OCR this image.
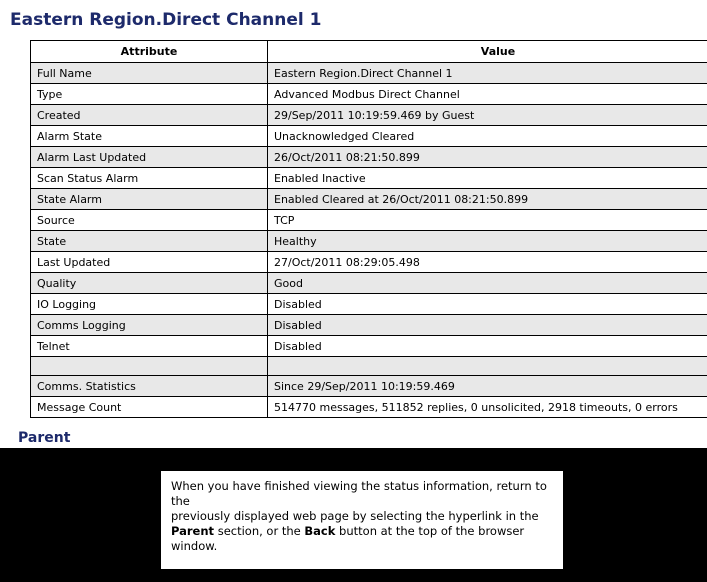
Eastern Region.Direct Channel 1
Attribute	Value
Full Name	Eastern Region.Direct Channel 1
Type	Advanced Modbus Direct Channel
Created	29/Sep/2011 10:19:59.469 by Guest
Alarm State	Unacknowledged Cleared
Alarm Last Updated	26/Oct/2011 08:21:50.899
Scan Status Alarm	Enabled Inactive
State Alarm	Enabled Cleared at 26/Oct/2011 08:21:50.899
Source	TCP
State	Healthy
Last Updated	27/Oct/2011 08:29:05.498
Quality	Good
IO Logging	Disabled
Comms Logging	Disabled
Telnet	Disabled

Comms. Statistics	Since 29/Sep/2011 10:19:59.469
Message Count	514770 messages, 511852 replies, 0 unsolicited, 2918 timeouts, 0 errors
Parent
•

When you have finished viewing the status information, return to the

previously displayed web page by selecting the hyperlink in the

Parent section, or the Back button at the top of the browser window.
